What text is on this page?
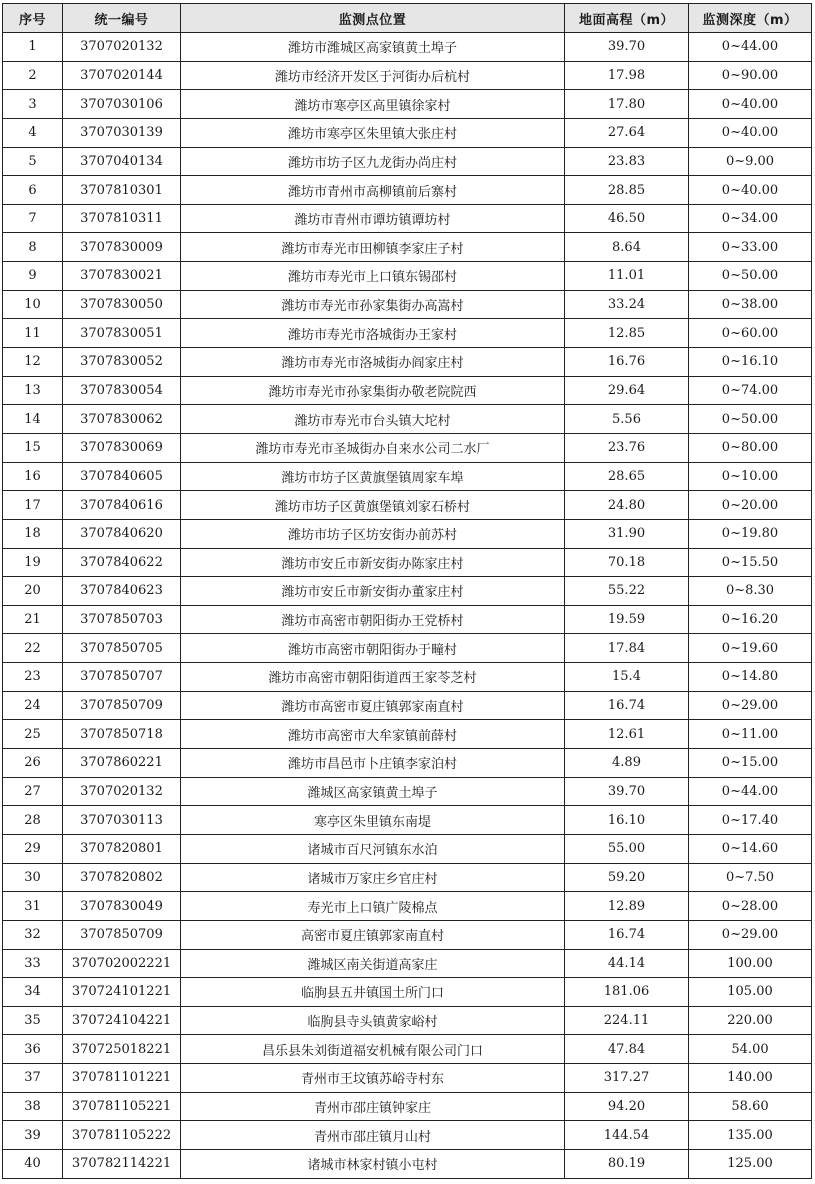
序号	统一编号	监测点位置	地面高程（m）	监测深度（m）
1	3707020132	潍坊市潍城区高家镇黄土埠子	39.70	0~44.00
2	3707020144	潍坊市经济开发区于河街办后杭村	17.98	0~90.00
3	3707030106	潍坊市寒亭区高里镇徐家村	17.80	0~40.00
4	3707030139	潍坊市寒亭区朱里镇大张庄村	27.64	0~40.00
5	3707040134	潍坊市坊子区九龙街办尚庄村	23.83	0~9.00
6	3707810301	潍坊市青州市高柳镇前后寨村	28.85	0~40.00
7	3707810311	潍坊市青州市谭坊镇谭坊村	46.50	0~34.00
8	3707830009	潍坊市寿光市田柳镇李家庄子村	8.64	0~33.00
9	3707830021	潍坊市寿光市上口镇东锡邵村	11.01	0~50.00
10	3707830050	潍坊市寿光市孙家集街办高嵩村	33.24	0~38.00
11	3707830051	潍坊市寿光市洛城街办王家村	12.85	0~60.00
12	3707830052	潍坊市寿光市洛城街办阎家庄村	16.76	0~16.10
13	3707830054	潍坊市寿光市孙家集街办敬老院院西	29.64	0~74.00
14	3707830062	潍坊市寿光市台头镇大坨村	5.56	0~50.00
15	3707830069	潍坊市寿光市圣城街办自来水公司二水厂	23.76	0~80.00
16	3707840605	潍坊市坊子区黄旗堡镇周家车埠	28.65	0~10.00
17	3707840616	潍坊市坊子区黄旗堡镇刘家石桥村	24.80	0~20.00
18	3707840620	潍坊市坊子区坊安街办前苏村	31.90	0~19.80
19	3707840622	潍坊市安丘市新安街办陈家庄村	70.18	0~15.50
20	3707840623	潍坊市安丘市新安街办董家庄村	55.22	0~8.30
21	3707850703	潍坊市高密市朝阳街办王党桥村	19.59	0~16.20
22	3707850705	潍坊市高密市朝阳街办于疃村	17.84	0~19.60
23	3707850707	潍坊市高密市朝阳街道西王家苓芝村	15.4	0~14.80
24	3707850709	潍坊市高密市夏庄镇郭家南直村	16.74	0~29.00
25	3707850718	潍坊市高密市大牟家镇前薛村	12.61	0~11.00
26	3707860221	潍坊市昌邑市卜庄镇李家泊村	4.89	0~15.00
27	3707020132	潍城区高家镇黄土埠子	39.70	0~44.00
28	3707030113	寒亭区朱里镇东南堤	16.10	0~17.40
29	3707820801	诸城市百尺河镇东水泊	55.00	0~14.60
30	3707820802	诸城市万家庄乡官庄村	59.20	0~7.50
31	3707830049	寿光市上口镇广陵棉点	12.89	0~28.00
32	3707850709	高密市夏庄镇郭家南直村	16.74	0~29.00
33	370702002221	潍城区南关街道高家庄	44.14	100.00
34	370724101221	临朐县五井镇国土所门口	181.06	105.00
35	370724104221	临朐县寺头镇黄家峪村	224.11	220.00
36	370725018221	昌乐县朱刘街道福安机械有限公司门口	47.84	54.00
37	370781101221	青州市王坟镇苏峪寺村东	317.27	140.00
38	370781105221	青州市邵庄镇钟家庄	94.20	58.60
39	370781105222	青州市邵庄镇月山村	144.54	135.00
40	370782114221	诸城市林家村镇小屯村	80.19	125.00
